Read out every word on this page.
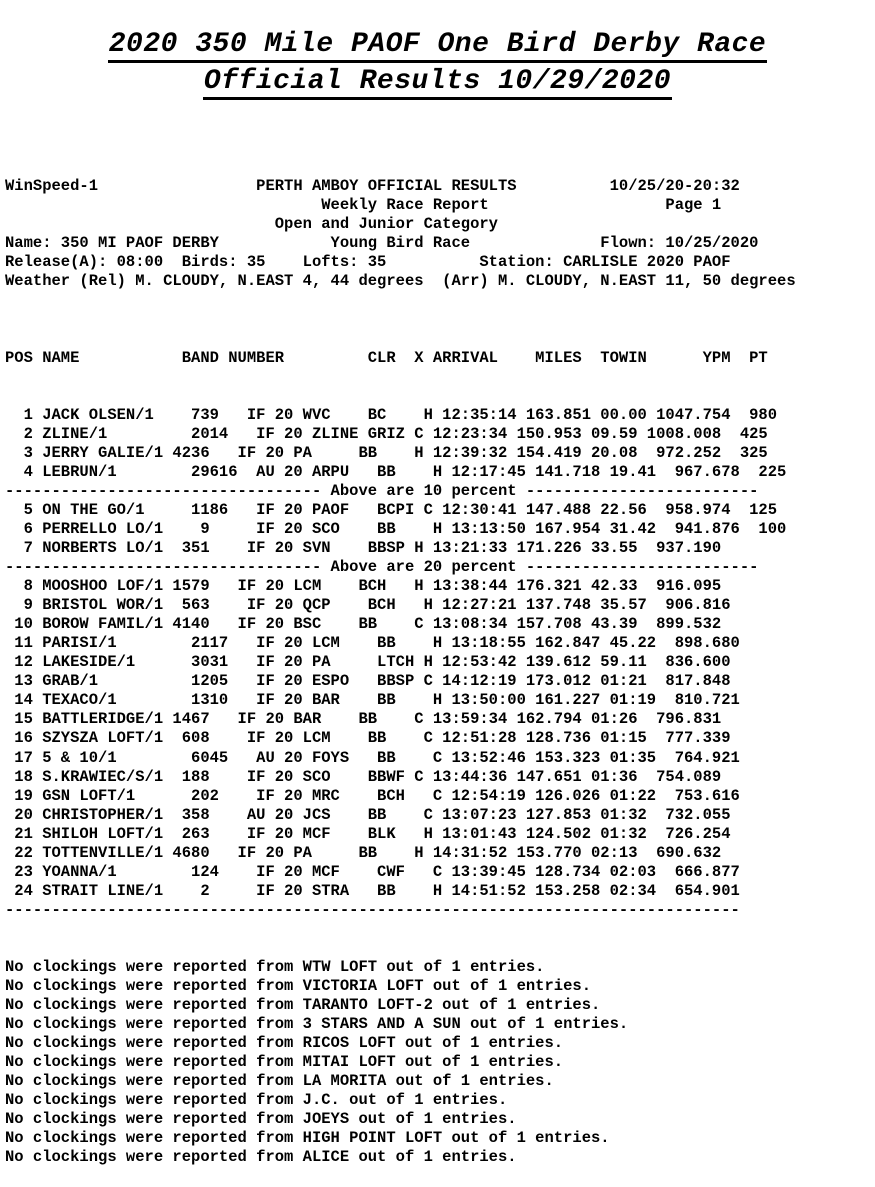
2020 350 Mile PAOF One Bird Derby Race
Official Results 10/29/2020

WinSpeed-1                 PERTH AMBOY OFFICIAL RESULTS          10/25/20-20:32
Weekly Race Report                   Page 1
Open and Junior Category
Name: 350 MI PAOF DERBY            Young Bird Race              Flown: 10/25/2020
Release(A): 08:00  Birds: 35    Lofts: 35          Station: CARLISLE 2020 PAOF
Weather (Rel) M. CLOUDY, N.EAST 4, 44 degrees  (Arr) M. CLOUDY, N.EAST 11, 50 degrees

POS NAME           BAND NUMBER         CLR  X ARRIVAL    MILES  TOWIN      YPM  PT

1 JACK OLSEN/1    739   IF 20 WVC    BC    H 12:35:14 163.851 00.00 1047.754  980
2 ZLINE/1         2014   IF 20 ZLINE GRIZ C 12:23:34 150.953 09.59 1008.008  425
3 JERRY GALIE/1 4236   IF 20 PA     BB    H 12:39:32 154.419 20.08  972.252  325
4 LEBRUN/1        29616  AU 20 ARPU   BB    H 12:17:45 141.718 19.41  967.678  225
---------------------------------- Above are 10 percent -------------------------
5 ON THE GO/1     1186   IF 20 PAOF   BCPI C 12:30:41 147.488 22.56  958.974  125
6 PERRELLO LO/1    9     IF 20 SCO    BB    H 13:13:50 167.954 31.42  941.876  100
7 NORBERTS LO/1  351    IF 20 SVN    BBSP H 13:21:33 171.226 33.55  937.190
---------------------------------- Above are 20 percent -------------------------
8 MOOSHOO LOF/1 1579   IF 20 LCM    BCH   H 13:38:44 176.321 42.33  916.095
9 BRISTOL WOR/1  563    IF 20 QCP    BCH   H 12:27:21 137.748 35.57  906.816
10 BOROW FAMIL/1 4140   IF 20 BSC    BB    C 13:08:34 157.708 43.39  899.532
11 PARISI/1        2117   IF 20 LCM    BB    H 13:18:55 162.847 45.22  898.680
12 LAKESIDE/1      3031   IF 20 PA     LTCH H 12:53:42 139.612 59.11  836.600
13 GRAB/1          1205   IF 20 ESPO   BBSP C 14:12:19 173.012 01:21  817.848
14 TEXACO/1        1310   IF 20 BAR    BB    H 13:50:00 161.227 01:19  810.721
15 BATTLERIDGE/1 1467   IF 20 BAR    BB    C 13:59:34 162.794 01:26  796.831
16 SZYSZA LOFT/1  608    IF 20 LCM    BB    C 12:51:28 128.736 01:15  777.339
17 5 & 10/1        6045   AU 20 FOYS   BB    C 13:52:46 153.323 01:35  764.921
18 S.KRAWIEC/S/1  188    IF 20 SCO    BBWF C 13:44:36 147.651 01:36  754.089
19 GSN LOFT/1      202    IF 20 MRC    BCH   C 12:54:19 126.026 01:22  753.616
20 CHRISTOPHER/1  358    AU 20 JCS    BB    C 13:07:23 127.853 01:32  732.055
21 SHILOH LOFT/1  263    IF 20 MCF    BLK   H 13:01:43 124.502 01:32  726.254
22 TOTTENVILLE/1 4680   IF 20 PA     BB    H 14:31:52 153.770 02:13  690.632
23 YOANNA/1        124    IF 20 MCF    CWF   C 13:39:45 128.734 02:03  666.877
24 STRAIT LINE/1    2     IF 20 STRA   BB    H 14:51:52 153.258 02:34  654.901
-------------------------------------------------------------------------------

No clockings were reported from WTW LOFT out of 1 entries.
No clockings were reported from VICTORIA LOFT out of 1 entries.
No clockings were reported from TARANTO LOFT-2 out of 1 entries.
No clockings were reported from 3 STARS AND A SUN out of 1 entries.
No clockings were reported from RICOS LOFT out of 1 entries.
No clockings were reported from MITAI LOFT out of 1 entries.
No clockings were reported from LA MORITA out of 1 entries.
No clockings were reported from J.C. out of 1 entries.
No clockings were reported from JOEYS out of 1 entries.
No clockings were reported from HIGH POINT LOFT out of 1 entries.
No clockings were reported from ALICE out of 1 entries.
